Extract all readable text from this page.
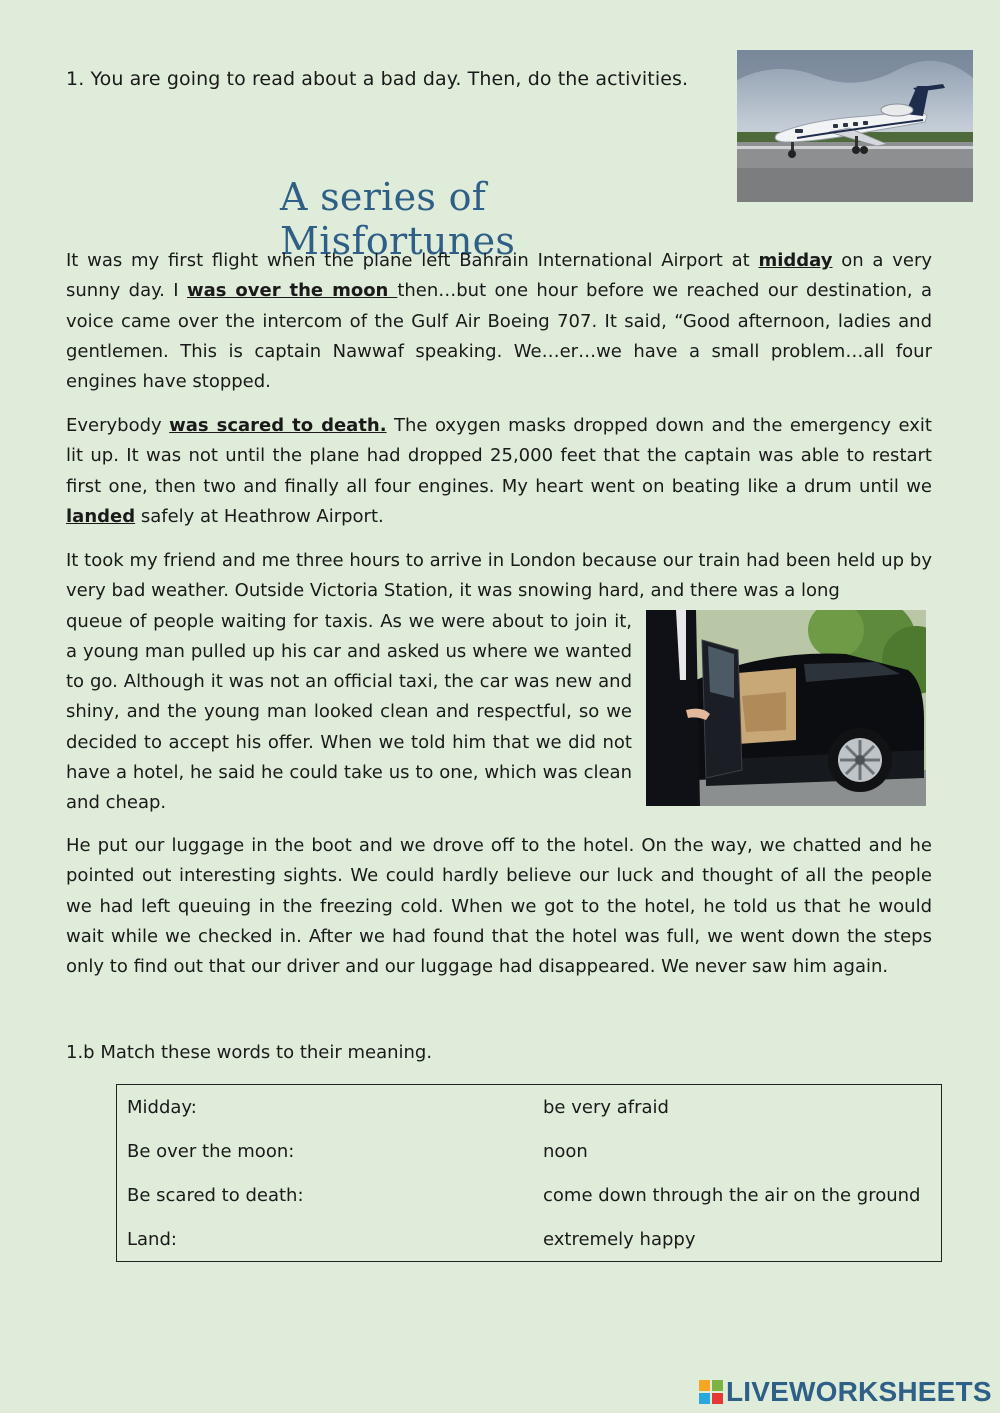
1. You are going to read about a bad day. Then, do the activities.
A series of Misfortunes
It was my first flight when the plane left Bahrain International Airport at midday on a very sunny day. I was over the moon then…but one hour before we reached our destination, a voice came over the intercom of the Gulf Air Boeing 707. It said, “Good afternoon, ladies and gentlemen. This is captain Nawwaf speaking. We…er…we have a small problem…all four engines have stopped.
Everybody was scared to death. The oxygen masks dropped down and the emergency exit lit up. It was not until the plane had dropped 25,000 feet that the captain was able to restart first one, then two and finally all four engines. My heart went on beating like a drum until we landed safely at Heathrow Airport.
It took my friend and me three hours to arrive in London because our train had been held up by very bad weather. Outside Victoria Station, it was snowing hard, and there was a long
queue of people waiting for taxis. As we were about to join it, a young man pulled up his car and asked us where we wanted to go. Although it was not an official taxi, the car was new and shiny, and the young man looked clean and respectful, so we decided to accept his offer. When we told him that we did not have a hotel, he said he could take us to one, which was clean and cheap.
He put our luggage in the boot and we drove off to the hotel. On the way, we chatted and he pointed out interesting sights. We could hardly believe our luck and thought of all the people we had left queuing in the freezing cold. When we got to the hotel, he told us that he would wait while we checked in. After we had found that the hotel was full, we went down the steps only to find out that our driver and our luggage had disappeared. We never saw him again.
1.b Match these words to their meaning.
Midday:	be very afraid
Be over the moon:	noon
Be scared to death:	come down through the air on the ground
Land:	extremely happy
LIVEWORKSHEETS
